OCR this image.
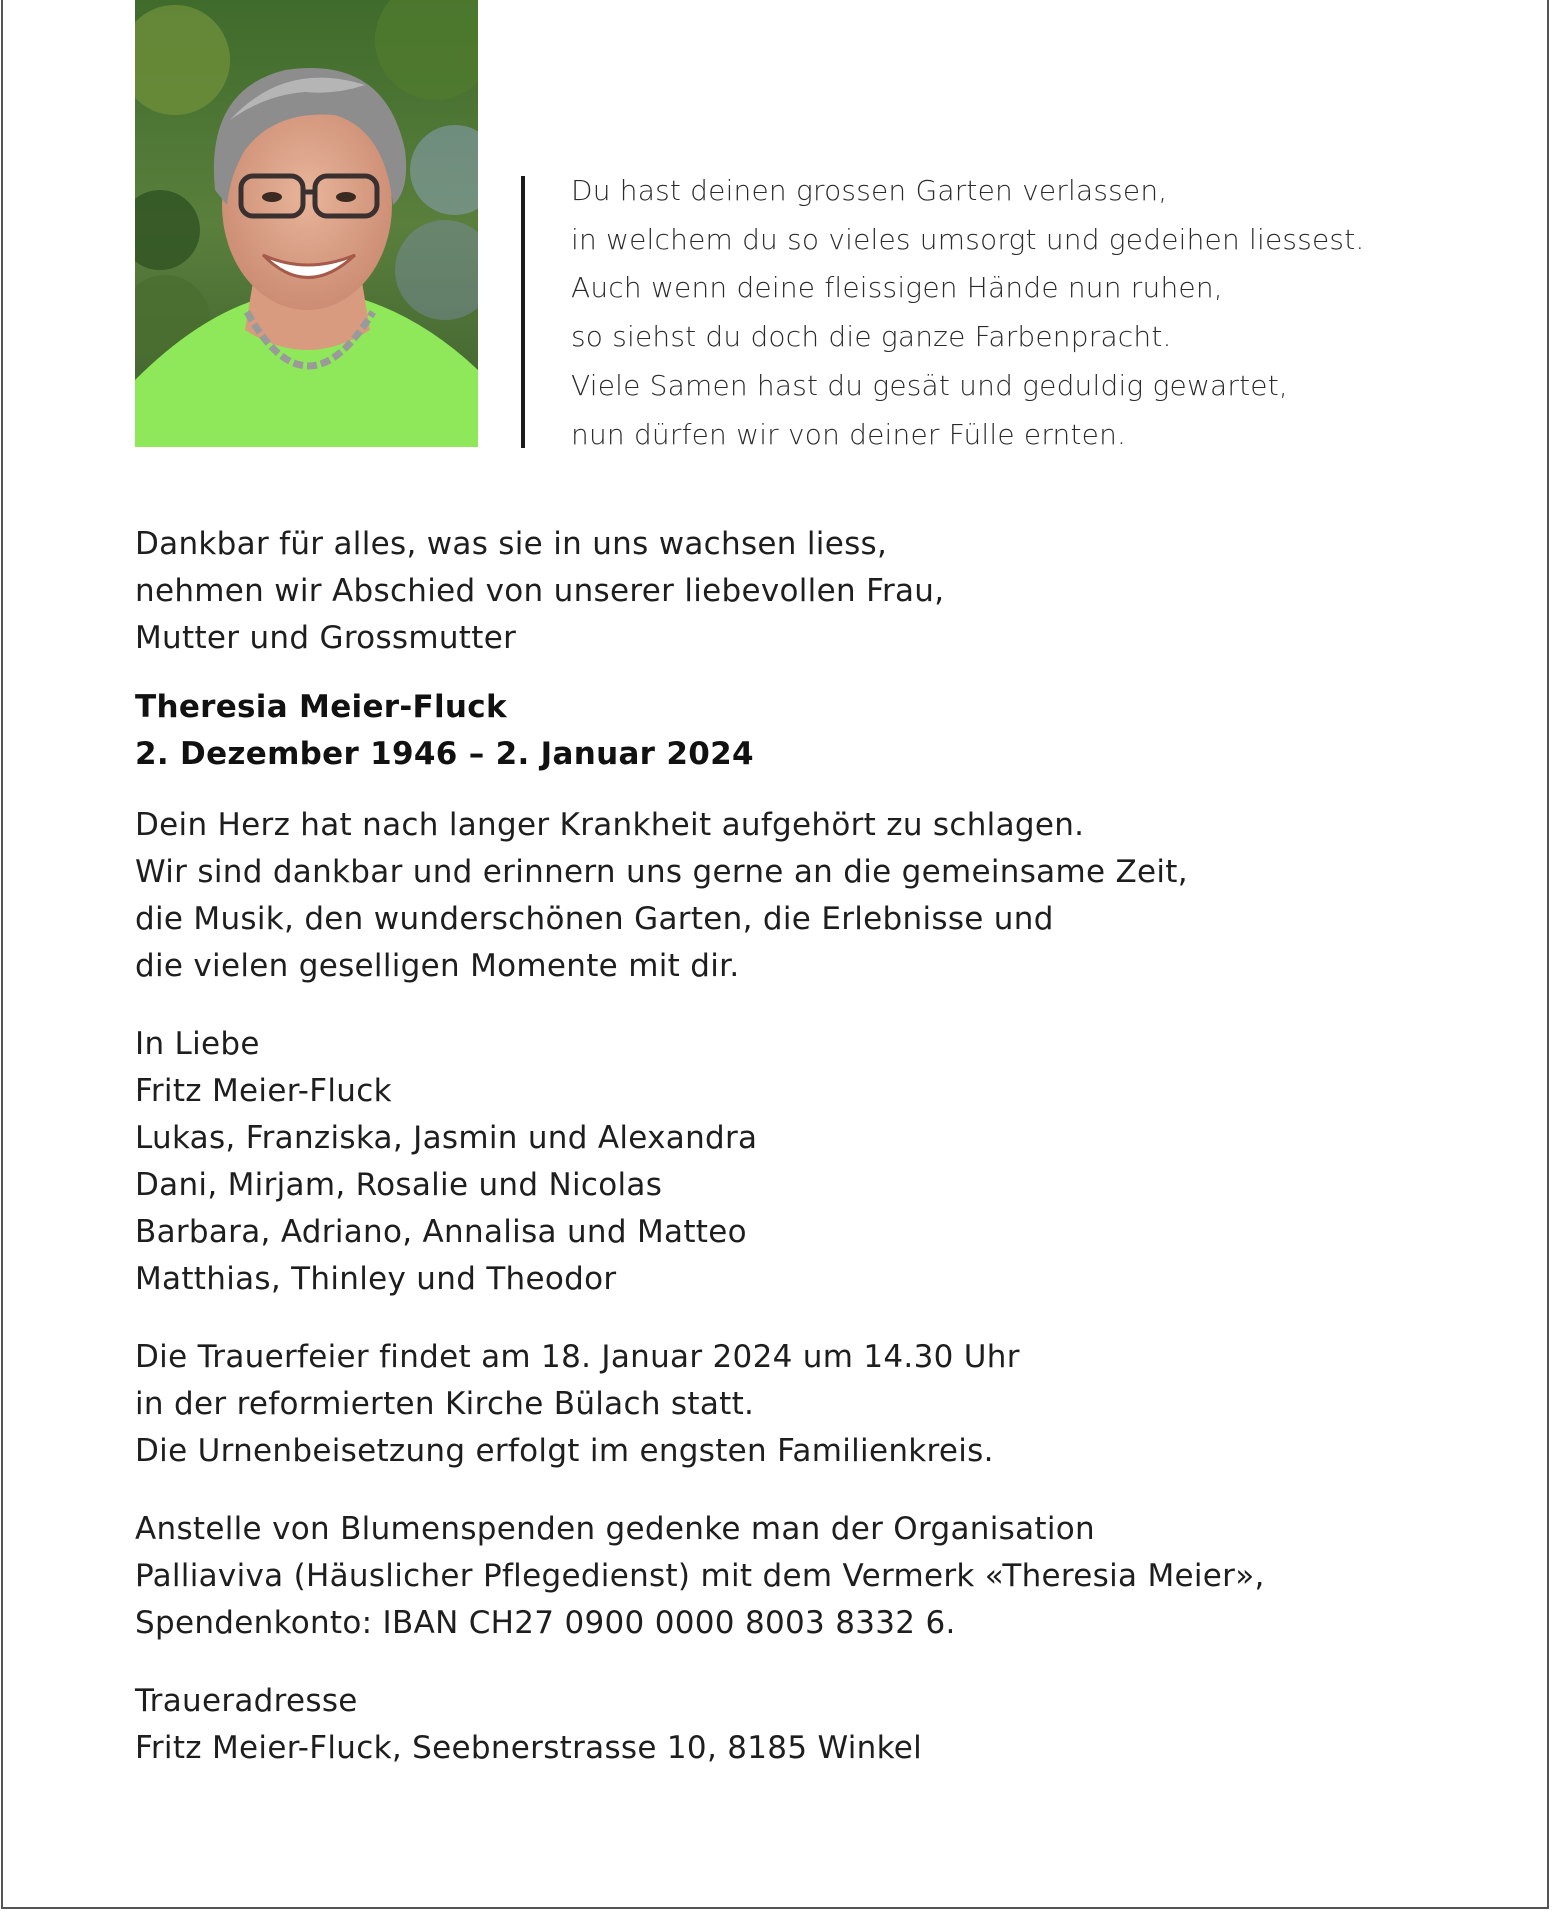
Du hast deinen grossen Garten verlassen,
in welchem du so vieles umsorgt und gedeihen liessest.
Auch wenn deine fleissigen Hände nun ruhen,
so siehst du doch die ganze Farbenpracht.
Viele Samen hast du gesät und geduldig gewartet,
nun dürfen wir von deiner Fülle ernten.

Dankbar für alles, was sie in uns wachsen liess,
nehmen wir Abschied von unserer liebevollen Frau,
Mutter und Grossmutter

Theresia Meier-Fluck
2. Dezember 1946 – 2. Januar 2024

Dein Herz hat nach langer Krankheit aufgehört zu schlagen.
Wir sind dankbar und erinnern uns gerne an die gemeinsame Zeit,
die Musik, den wunderschönen Garten, die Erlebnisse und
die vielen geselligen Momente mit dir.

In Liebe
Fritz Meier-Fluck
Lukas, Franziska, Jasmin und Alexandra
Dani, Mirjam, Rosalie und Nicolas
Barbara, Adriano, Annalisa und Matteo
Matthias, Thinley und Theodor

Die Trauerfeier findet am 18. Januar 2024 um 14.30 Uhr
in der reformierten Kirche Bülach statt.
Die Urnenbeisetzung erfolgt im engsten Familienkreis.

Anstelle von Blumenspenden gedenke man der Organisation
Palliaviva (Häuslicher Pflegedienst) mit dem Vermerk «Theresia Meier»,
Spendenkonto: IBAN CH27 0900 0000 8003 8332 6.

Traueradresse
Fritz Meier-Fluck, Seebnerstrasse 10, 8185 Winkel
